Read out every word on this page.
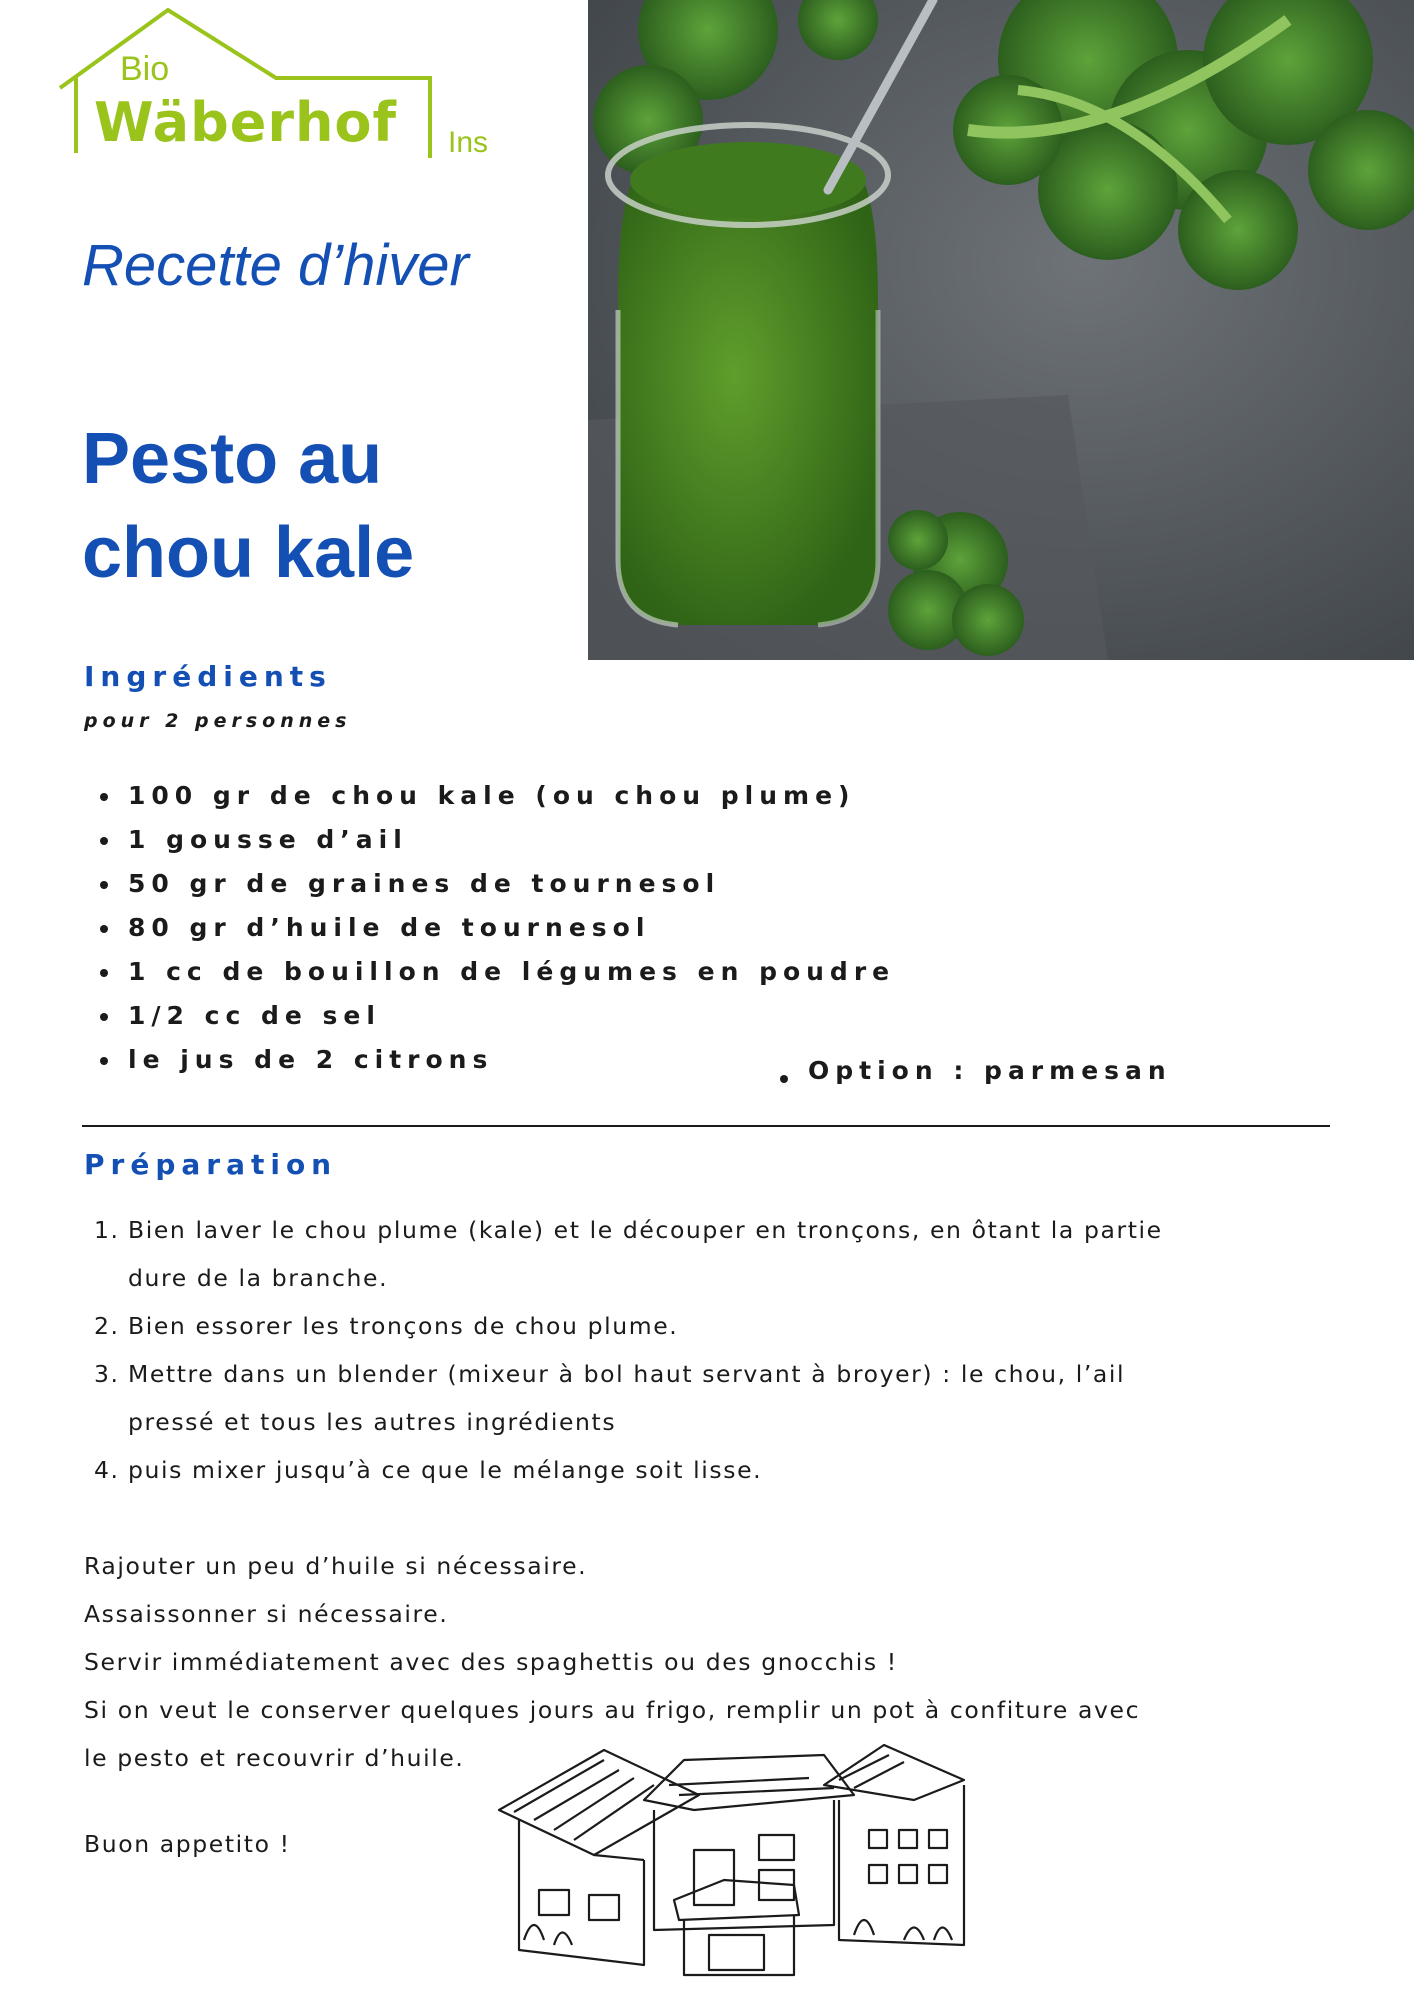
Bio
Wäberhof Ins
Recette d’hiver
Pesto au
chou kale
Ingrédients
pour 2 personnes
100 gr de chou kale (ou chou plume)
1 gousse d’ail
50 gr de graines de tournesol
80 gr d’huile de tournesol
1 cc de bouillon de légumes en poudre
1/2 cc de sel
le jus de 2 citrons	Option : parmesan
Préparation
1. Bien laver le chou plume (kale) et le découper en tronçons, en ôtant la partie
dure de la branche.
2. Bien essorer les tronçons de chou plume.
3. Mettre dans un blender (mixeur à bol haut servant à broyer) : le chou, l’ail
pressé et tous les autres ingrédients
4. puis mixer jusqu’à ce que le mélange soit lisse.
Rajouter un peu d’huile si nécessaire.
Assaissonner si nécessaire.
Servir immédiatement avec des spaghettis ou des gnocchis !
Si on veut le conserver quelques jours au frigo, remplir un pot à confiture avec
le pesto et recouvrir d’huile.
Buon appetito !
